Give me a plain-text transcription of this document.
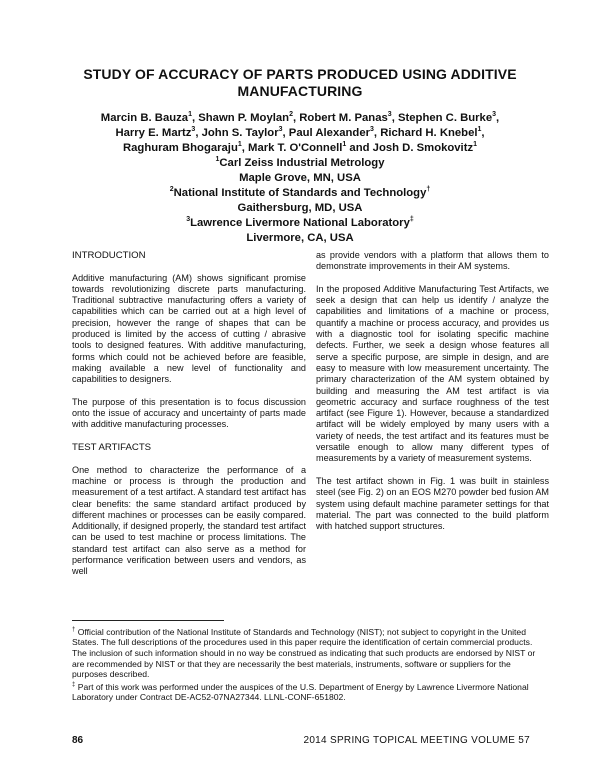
STUDY OF ACCURACY OF PARTS PRODUCED USING ADDITIVE MANUFACTURING
Marcin B. Bauza$^1$, Shawn P. Moylan$^2$, Robert M. Panas$^3$, Stephen C. Burke$^3$,
Harry E. Martz$^3$, John S. Taylor$^3$, Paul Alexander$^3$, Richard H. Knebel$^1$,
Raghuram Bhogaraju$^1$, Mark T. O'Connell$^1$ and Josh D. Smokovitz$^1$
$^1$Carl Zeiss Industrial Metrology
Maple Grove, MN, USA
$^2$National Institute of Standards and Technology†
Gaithersburg, MD, USA
$^3$Lawrence Livermore National Laboratory‡
Livermore, CA, USA

INTRODUCTION

Additive manufacturing (AM) shows significant promise towards revolutionizing discrete parts manufacturing. Traditional subtractive manufacturing offers a variety of capabilities which can be carried out at a high level of precision, however the range of shapes that can be produced is limited by the access of cutting / abrasive tools to designed features. With additive manufacturing, forms which could not be achieved before are feasible, making available a new level of functionality and capabilities to designers.

The purpose of this presentation is to focus discussion onto the issue of accuracy and uncertainty of parts made with additive manufacturing processes.

TEST ARTIFACTS

One method to characterize the performance of a machine or process is through the production and measurement of a test artifact. A standard test artifact has clear benefits: the same standard artifact produced by different machines or processes can be easily compared. Additionally, if designed properly, the standard test artifact can be used to test machine or process limitations. The standard test artifact can also serve as a method for performance verification between users and vendors, as well

as provide vendors with a platform that allows them to demonstrate improvements in their AM systems.

In the proposed Additive Manufacturing Test Artifacts, we seek a design that can help us identify / analyze the capabilities and limitations of a machine or process, quantify a machine or process accuracy, and provides us with a diagnostic tool for isolating specific machine defects. Further, we seek a design whose features all serve a specific purpose, are simple in design, and are easy to measure with low measurement uncertainty. The primary characterization of the AM system obtained by building and measuring the AM test artifact is via geometric accuracy and surface roughness of the test artifact (see Figure 1). However, because a standardized artifact will be widely employed by many users with a variety of needs, the test artifact and its features must be versatile enough to allow many different types of measurements by a variety of measurement systems.

The test artifact shown in Fig. 1 was built in stainless steel (see Fig. 2) on an EOS M270 powder bed fusion AM system using default machine parameter settings for that material. The part was connected to the build platform with hatched support structures.

† Official contribution of the National Institute of Standards and Technology (NIST); not subject to copyright in the United States. The full descriptions of the procedures used in this paper require the identification of certain commercial products. The inclusion of such information should in no way be construed as indicating that such products are endorsed by NIST or are recommended by NIST or that they are necessarily the best materials, instruments, software or suppliers for the purposes described.

‡ Part of this work was performed under the auspices of the U.S. Department of Energy by Lawrence Livermore National Laboratory under Contract DE-AC52-07NA27344. LLNL-CONF-651802.

86	2014 SPRING TOPICAL MEETING VOLUME 57
